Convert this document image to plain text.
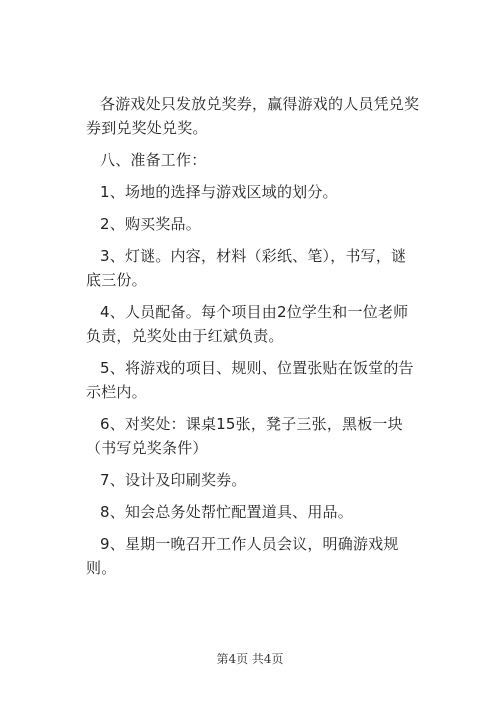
各游戏处只发放兑奖券，赢得游戏的人员凭兑奖券到兑奖处兑奖。

八、准备工作：

1、场地的选择与游戏区域的划分。

2、购买奖品。

3、灯谜。内容，材料（彩纸、笔），书写，谜底三份。

4、人员配备。每个项目由2位学生和一位老师负责，兑奖处由于红斌负责。

5、将游戏的项目、规则、位置张贴在饭堂的告示栏内。

6、对奖处：课桌15张，凳子三张，黑板一块（书写兑奖条件）

7、设计及印刷奖券。

8、知会总务处帮忙配置道具、用品。

9、星期一晚召开工作人员会议，明确游戏规则。

第4页 共4页
